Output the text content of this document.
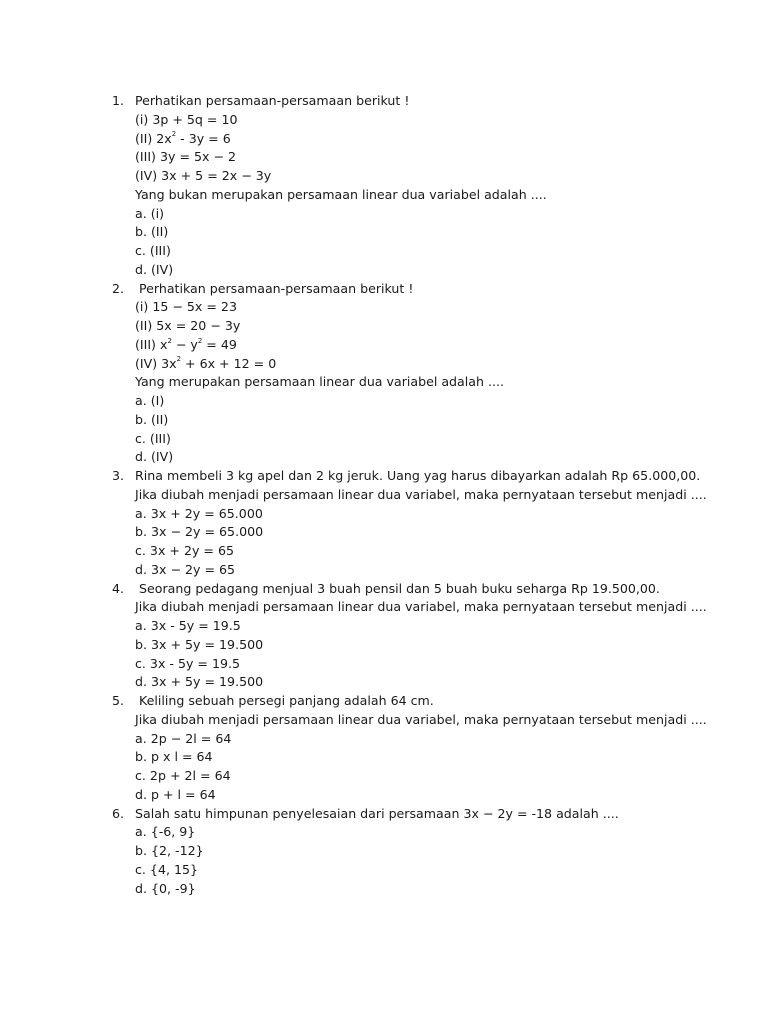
1. Perhatikan persamaan-persamaan berikut !
(i) 3p + 5q = 10
(II) $2x^2 - 3y = 6$
(III) 3y = 5x − 2
(IV) 3x + 5 = 2x − 3y
Yang bukan merupakan persamaan linear dua variabel adalah ....
a. (i)
b. (II)
c. (III)
d. (IV)
2. Perhatikan persamaan-persamaan berikut !
(i) 15 − 5x = 23
(II) 5x = 20 − 3y
(III) $x^2 - y^2 = 49$
(IV) $3x^2 + 6x + 12 = 0$
Yang merupakan persamaan linear dua variabel adalah ....
a. (I)
b. (II)
c. (III)
d. (IV)
3. Rina membeli 3 kg apel dan 2 kg jeruk. Uang yag harus dibayarkan adalah Rp 65.000,00.
Jika diubah menjadi persamaan linear dua variabel, maka pernyataan tersebut menjadi ....
a. 3x + 2y = 65.000
b. 3x − 2y = 65.000
c. 3x + 2y = 65
d. 3x − 2y = 65
4. Seorang pedagang menjual 3 buah pensil dan 5 buah buku seharga Rp 19.500,00.
Jika diubah menjadi persamaan linear dua variabel, maka pernyataan tersebut menjadi ....
a. 3x - 5y = 19.5
b. 3x + 5y = 19.500
c. 3x - 5y = 19.5
d. 3x + 5y = 19.500
5. Keliling sebuah persegi panjang adalah 64 cm.
Jika diubah menjadi persamaan linear dua variabel, maka pernyataan tersebut menjadi ....
a. 2p − 2l = 64
b. p x l = 64
c. 2p + 2l = 64
d. p + l = 64
6. Salah satu himpunan penyelesaian dari persamaan 3x − 2y = -18 adalah ....
a. {-6, 9}
b. {2, -12}
c. {4, 15}
d. {0, -9}
